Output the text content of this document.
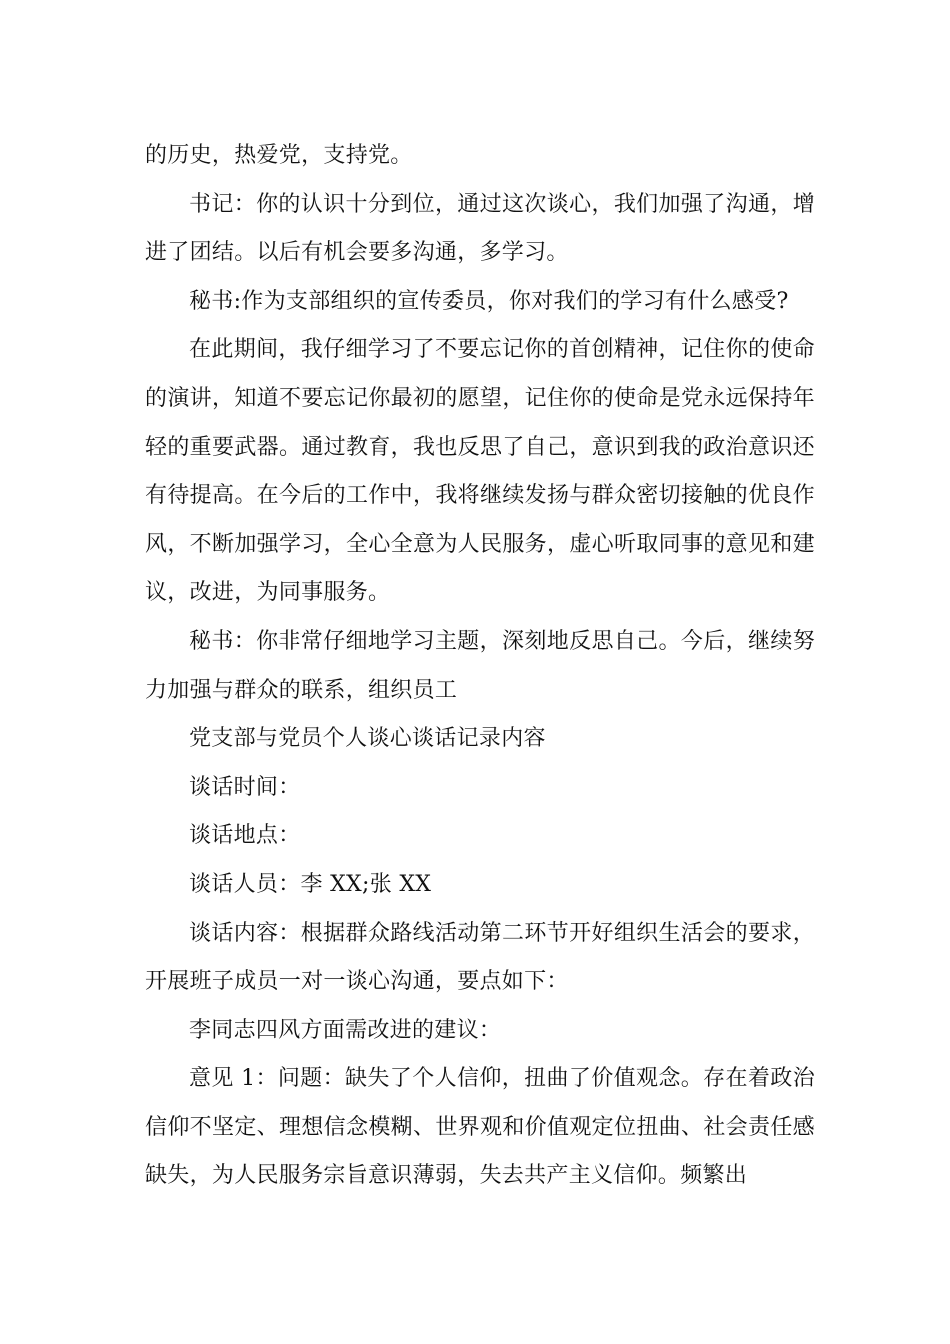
的历史，热爱党，支持党。

书记：你的认识十分到位，通过这次谈心，我们加强了沟通，增进了团结。以后有机会要多沟通，多学习。

秘书:作为支部组织的宣传委员，你对我们的学习有什么感受?

在此期间，我仔细学习了不要忘记你的首创精神，记住你的使命的演讲，知道不要忘记你最初的愿望，记住你的使命是党永远保持年轻的重要武器。通过教育，我也反思了自己，意识到我的政治意识还有待提高。在今后的工作中，我将继续发扬与群众密切接触的优良作风，不断加强学习，全心全意为人民服务，虚心听取同事的意见和建议，改进，为同事服务。

秘书：你非常仔细地学习主题，深刻地反思自己。今后，继续努力加强与群众的联系，组织员工

党支部与党员个人谈心谈话记录内容

谈话时间：

谈话地点：

谈话人员：李 XX;张 XX

谈话内容：根据群众路线活动第二环节开好组织生活会的要求，开展班子成员一对一谈心沟通，要点如下：

李同志四风方面需改进的建议：

意见 1：问题：缺失了个人信仰，扭曲了价值观念。存在着政治信仰不坚定、理想信念模糊、世界观和价值观定位扭曲、社会责任感缺失，为人民服务宗旨意识薄弱，失去共产主义信仰。频繁出
